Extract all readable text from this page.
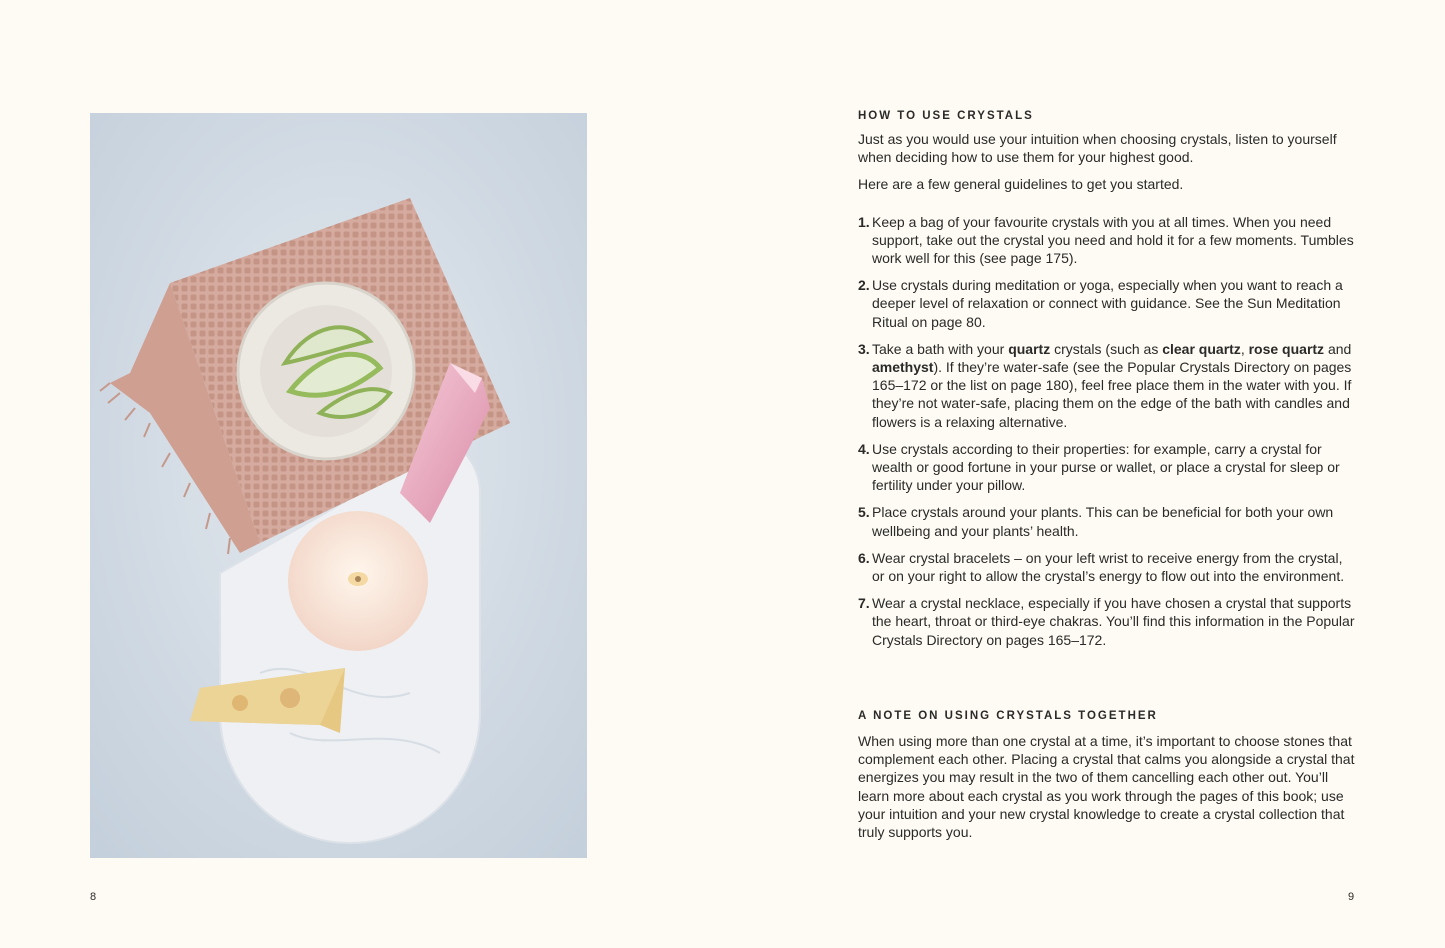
HOW TO USE CRYSTALS

Just as you would use your intuition when choosing crystals, listen to yourself when deciding how to use them for your highest good.

Here are a few general guidelines to get you started.

1. Keep a bag of your favourite crystals with you at all times. When you need support, take out the crystal you need and hold it for a few moments. Tumbles work well for this (see page 175).
2. Use crystals during meditation or yoga, especially when you want to reach a deeper level of relaxation or connect with guidance. See the Sun Meditation Ritual on page 80.
3. Take a bath with your quartz crystals (such as clear quartz, rose quartz and amethyst). If they’re water-safe (see the Popular Crystals Directory on pages 165–172 or the list on page 180), feel free place them in the water with you. If they’re not water-safe, placing them on the edge of the bath with candles and flowers is a relaxing alternative.
4. Use crystals according to their properties: for example, carry a crystal for wealth or good fortune in your purse or wallet, or place a crystal for sleep or fertility under your pillow.
5. Place crystals around your plants. This can be beneficial for both your own wellbeing and your plants’ health.
6. Wear crystal bracelets – on your left wrist to receive energy from the crystal, or on your right to allow the crystal’s energy to flow out into the environment.
7. Wear a crystal necklace, especially if you have chosen a crystal that supports the heart, throat or third-eye chakras. You’ll find this information in the Popular Crystals Directory on pages 165–172.
A NOTE ON USING CRYSTALS TOGETHER

When using more than one crystal at a time, it’s important to choose stones that complement each other. Placing a crystal that calms you alongside a crystal that energizes you may result in the two of them cancelling each other out. You’ll learn more about each crystal as you work through the pages of this book; use your intuition and your new crystal knowledge to create a crystal collection that truly supports you.

8	9
